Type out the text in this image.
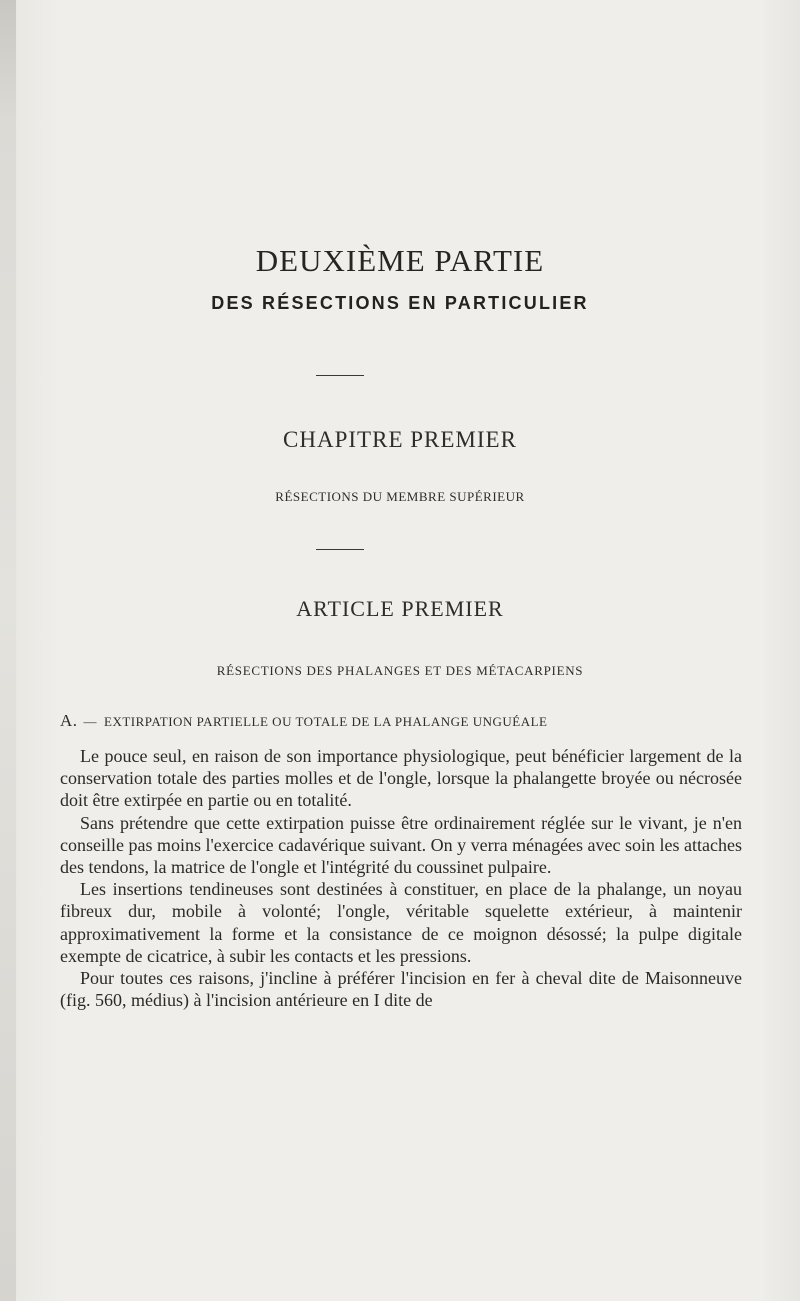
DEUXIÈME PARTIE
DES RÉSECTIONS EN PARTICULIER
CHAPITRE PREMIER
RÉSECTIONS DU MEMBRE SUPÉRIEUR
ARTICLE PREMIER
RÉSECTIONS DES PHALANGES ET DES MÉTACARPIENS
A. — EXTIRPATION PARTIELLE OU TOTALE DE LA PHALANGE UNGUÉALE

Le pouce seul, en raison de son importance physiologique, peut bénéficier largement de la conservation totale des parties molles et de l'ongle, lorsque la phalangette broyée ou nécrosée doit être extirpée en partie ou en totalité.

Sans prétendre que cette extirpation puisse être ordinairement réglée sur le vivant, je n'en conseille pas moins l'exercice cadavérique suivant. On y verra ménagées avec soin les attaches des tendons, la matrice de l'ongle et l'intégrité du coussinet pulpaire.

Les insertions tendineuses sont destinées à constituer, en place de la phalange, un noyau fibreux dur, mobile à volonté; l'ongle, véritable squelette extérieur, à maintenir approximativement la forme et la consistance de ce moignon désossé; la pulpe digitale exempte de cicatrice, à subir les contacts et les pressions.

Pour toutes ces raisons, j'incline à préférer l'incision en fer à cheval dite de Maisonneuve (fig. 560, médius) à l'incision antérieure en I dite de
